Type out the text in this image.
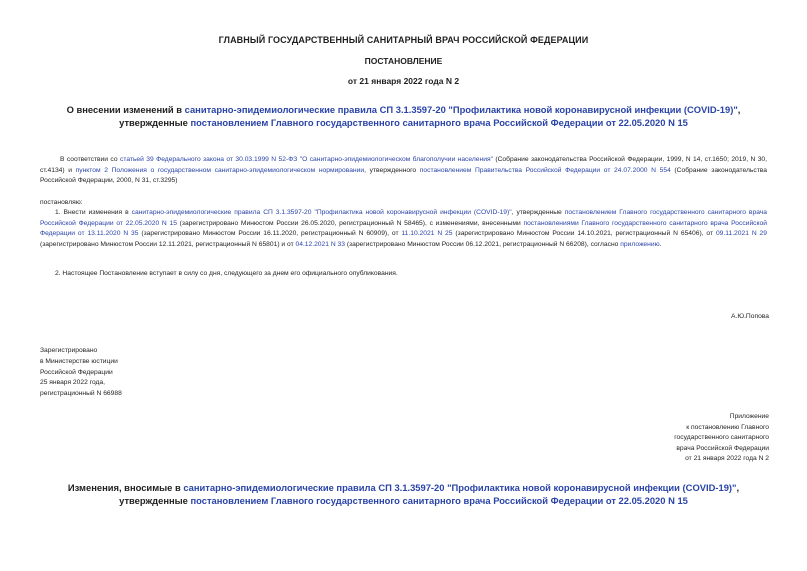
ГЛАВНЫЙ ГОСУДАРСТВЕННЫЙ САНИТАРНЫЙ ВРАЧ РОССИЙСКОЙ ФЕДЕРАЦИИ
ПОСТАНОВЛЕНИЕ
от 21 января 2022 года N 2
О внесении изменений в санитарно-эпидемиологические правила СП 3.1.3597-20 "Профилактика новой коронавирусной инфекции (COVID-19)", утвержденные постановлением Главного государственного санитарного врача Российской Федерации от 22.05.2020 N 15
В соответствии со статьей 39 Федерального закона от 30.03.1999 N 52-ФЗ "О санитарно-эпидемиологическом благополучии населения" (Собрание законодательства Российской Федерации, 1999, N 14, ст.1650; 2019, N 30, ст.4134) и пунктом 2 Положения о государственном санитарно-эпидемиологическом нормировании, утвержденного постановлением Правительства Российской Федерации от 24.07.2000 N 554 (Собрание законодательства Российской Федерации, 2000, N 31, ст.3295)
постановляю:
1. Внести изменения в санитарно-эпидемиологические правила СП 3.1.3597-20 "Профилактика новой коронавирусной инфекции (COVID-19)", утвержденные постановлением Главного государственного санитарного врача Российской Федерации от 22.05.2020 N 15 (зарегистрировано Минюстом России 26.05.2020, регистрационный N 58465), с изменениями, внесенными постановлениями Главного государственного санитарного врача Российской Федерации от 13.11.2020 N 35 (зарегистрировано Минюстом России 16.11.2020, регистрационный N 60909), от 11.10.2021 N 25 (зарегистрировано Минюстом России 14.10.2021, регистрационный N 65406), от 09.11.2021 N 29 (зарегистрировано Минюстом России 12.11.2021, регистрационный N 65801) и от 04.12.2021 N 33 (зарегистрировано Минюстом России 06.12.2021, регистрационный N 66208), согласно приложению.
2. Настоящее Постановление вступает в силу со дня, следующего за днем его официального опубликования.
А.Ю.Попова
Зарегистрировано
в Министерстве юстиции
Российской Федерации
25 января 2022 года,
регистрационный N 66988
Приложение
к постановлению Главного
государственного санитарного
врача Российской Федерации
от 21 января 2022 года N 2
Изменения, вносимые в санитарно-эпидемиологические правила СП 3.1.3597-20 "Профилактика новой коронавирусной инфекции (COVID-19)", утвержденные постановлением Главного государственного санитарного врача Российской Федерации от 22.05.2020 N 15
